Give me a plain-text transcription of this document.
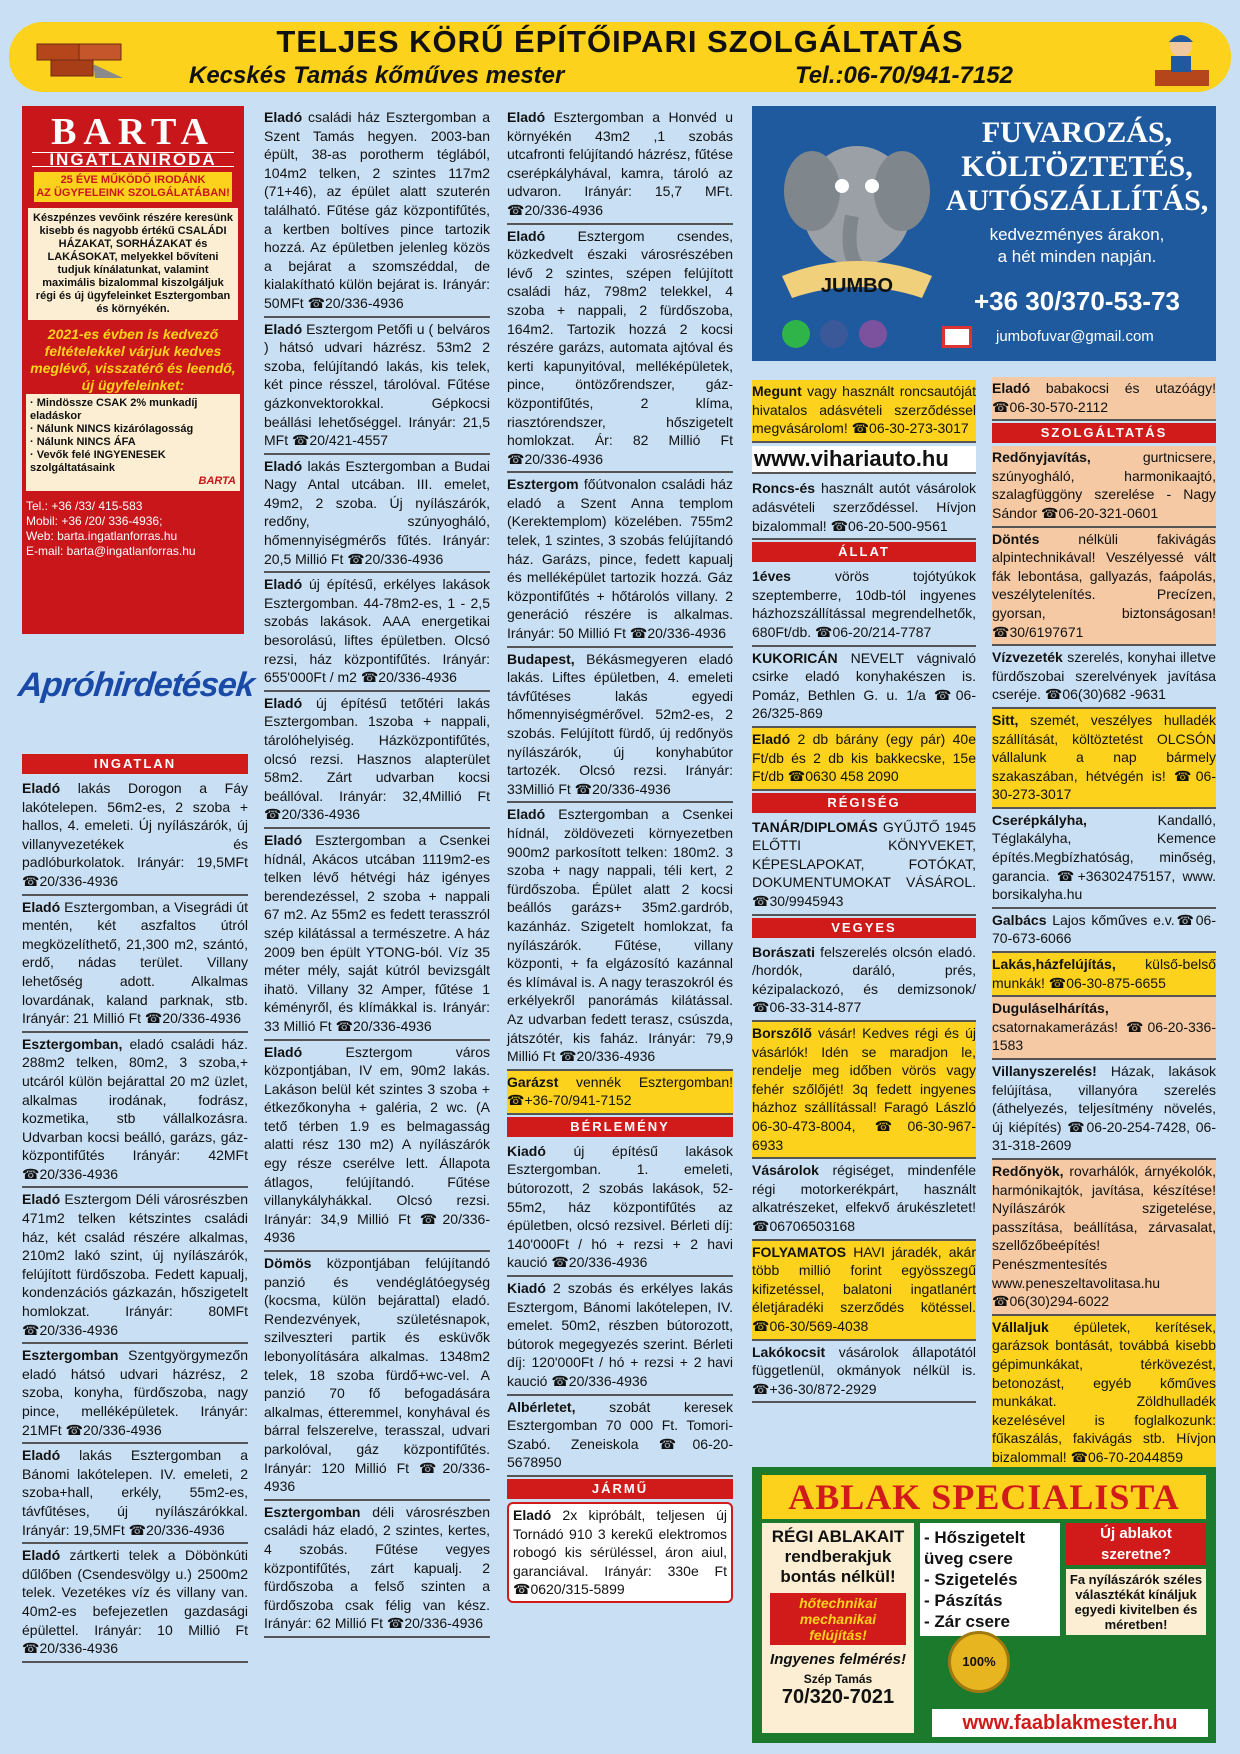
TELJES KÖRŰ ÉPÍTŐIPARI SZOLGÁLTATÁS
Kecskés Tamás kőműves mester	Tel.:06-70/941-7152
BARTA
INGATLANIRODA
25 ÉVE MŰKÖDŐ IRODÁNK
AZ ÜGYFELEINK SZOLGÁLATÁBAN!
Készpénzes vevőink részére keresünk kisebb és nagyobb értékű CSALÁDI HÁZAKAT, SORHÁZAKAT és LAKÁSOKAT, melyekkel bővíteni tudjuk kínálatunkat, valamint maximális bizalommal kiszolgáljuk régi és új ügyfeleinket Esztergomban és környékén.
2021-es évben is kedvező feltételekkel várjuk kedves meglévő, visszatérő és leendő, új ügyfeleinket:
· Mindössze CSAK 2% munkadíj eladáskor
· Nálunk NINCS kizárólagosság
· Nálunk NINCS ÁFA
· Vevők felé INGYENESEK szolgáltatásaink
BARTA
Tel.: +36 /33/ 415-583
Mobil: +36 /20/ 336-4936;
Web: barta.ingatlanforras.hu
E-mail: barta@ingatlanforras.hu
Apróhirdetések
INGATLAN
Eladó lakás Dorogon a Fáy lakótelepen. 56m2-es, 2 szoba + hallos, 4. emeleti. Új nyílászárók, új villanyvezetékek és padlóburkolatok. Irányár: 19,5MFt ☎20/336-4936
Eladó Esztergomban, a Visegrádi út mentén, két aszfaltos útról megközelíthető, 21,300 m2, szántó, erdő, nádas terület. Villany lehetőség adott. Alkalmas lovardának, kaland parknak, stb. Irányár: 21 Millió Ft ☎20/336-4936
Esztergomban, eladó családi ház. 288m2 telken, 80m2, 3 szoba,+ utcáról külön bejárattal 20 m2 üzlet, alkalmas irodának, fodrász, kozmetika, stb vállalkozásra. Udvarban kocsi beálló, garázs, gáz-központifűtés Irányár: 42MFt ☎20/336-4936
Eladó Esztergom Déli városrészben 471m2 telken kétszintes családi ház, két család részére alkalmas, 210m2 lakó szint, új nyílászárók, felújított fürdőszoba. Fedett kapualj, kondenzációs gázkazán, hőszigetelt homlokzat. Irányár: 80MFt ☎20/336-4936
Esztergomban Szentgyörgymezőn eladó hátsó udvari házrész, 2 szoba, konyha, fürdőszoba, nagy pince, melléképületek. Irányár: 21MFt ☎20/336-4936
Eladó lakás Esztergomban a Bánomi lakótelepen. IV. emeleti, 2 szoba+hall, erkély, 55m2-es, távfűtéses, új nyílászárókkal. Irányár: 19,5MFt ☎20/336-4936
Eladó zártkerti telek a Döbönkúti dűlőben (Csendesvölgy u.) 2500m2 telek. Vezetékes víz és villany van. 40m2-es befejezetlen gazdasági épülettel. Irányár: 10 Millió Ft ☎20/336-4936
Eladó családi ház Esztergomban a Szent Tamás hegyen. 2003-ban épült, 38-as porotherm téglából, 104m2 telken, 2 szintes 117m2 (71+46), az épület alatt szuterén található. Fűtése gáz központifűtés, a kertben boltíves pince tartozik hozzá. Az épületben jelenleg közös a bejárat a szomszéddal, de kialakítható külön bejárat is. Irányár: 50MFt ☎20/336-4936
Eladó Esztergom Petőfi u ( belváros ) hátsó udvari házrész. 53m2 2 szoba, felújítandó lakás, kis telek, két pince résszel, tárolóval. Fűtése gázkonvektorokkal. Gépkocsi beállási lehetőséggel. Irányár: 21,5 MFt ☎20/421-4557
Eladó lakás Esztergomban a Budai Nagy Antal utcában. III. emelet, 49m2, 2 szoba. Új nyílászárók, redőny, szúnyogháló, hőmennyiségmérős fűtés. Irányár: 20,5 Millió Ft ☎20/336-4936
Eladó új építésű, erkélyes lakások Esztergomban. 44-78m2-es, 1 - 2,5 szobás lakások. AAA energetikai besorolású, liftes épületben. Olcsó rezsi, ház központifűtés. Irányár: 655'000Ft / m2 ☎20/336-4936
Eladó új építésű tetőtéri lakás Esztergomban. 1szoba + nappali, tárolóhelyiség. Házközpontifűtés, olcsó rezsi. Hasznos alapterület 58m2. Zárt udvarban kocsi beállóval. Irányár: 32,4Millió Ft ☎20/336-4936
Eladó Esztergomban a Csenkei hídnál, Akácos utcában 1119m2-es telken lévő hétvégi ház igényes berendezéssel, 2 szoba + nappali 67 m2. Az 55m2 es fedett terasszról szép kilátással a természetre. A ház 2009 ben épült YTONG-ból. Víz 35 méter mély, saját kútról bevizsgált ihatö. Villany 32 Amper, fűtése 1 kéményről, és klímákkal is. Irányár: 33 Millió Ft ☎20/336-4936
Eladó Esztergom város központjában, IV em, 90m2 lakás. Lakáson belül két szintes 3 szoba + étkezőkonyha + galéria, 2 wc. (A tető térben 1.9 es belmagasság alatti rész 130 m2) A nyílászárók egy része cserélve lett. Állapota átlagos, felújítandó. Fűtése villanykályhákkal. Olcsó rezsi. Irányár: 34,9 Millió Ft ☎20/336-4936
Dömös központjában felújítandó panzió és vendéglátóegység (kocsma, külön bejárattal) eladó. Rendezvények, születésnapok, szilveszteri partik és esküvők lebonyolítására alkalmas. 1348m2 telek, 18 szoba fürdő+wc-vel. A panzió 70 fő befogadására alkalmas, étteremmel, konyhával és bárral felszerelve, terasszal, udvari parkolóval, gáz központifűtés. Irányár: 120 Millió Ft ☎20/336-4936
Esztergomban déli városrészben családi ház eladó, 2 szintes, kertes, 4 szobás. Fűtése vegyes központifűtés, zárt kapualj. 2 fürdőszoba a felső szinten a fürdőszoba csak félig van kész. Irányár: 62 Millió Ft ☎20/336-4936
Eladó Esztergomban a Honvéd u környékén 43m2 ,1 szobás utcafronti felújítandó házrész, fűtése cserépkályhával, kamra, tároló az udvaron. Irányár: 15,7 MFt. ☎20/336-4936
Eladó Esztergom csendes, közkedvelt északi városrészében lévő 2 szintes, szépen felújított családi ház, 798m2 telekkel, 4 szoba + nappali, 2 fürdőszoba, 164m2. Tartozik hozzá 2 kocsi részére garázs, automata ajtóval és kerti kapunyitóval, melléképületek, pince, öntözőrendszer, gáz-központifűtés, 2 klíma, riasztórendszer, hőszigetelt homlokzat. Ár: 82 Millió Ft ☎20/336-4936
Esztergom főútvonalon családi ház eladó a Szent Anna templom (Kerektemplom) közelében. 755m2 telek, 1 szintes, 3 szobás felújítandó ház. Garázs, pince, fedett kapualj és melléképület tartozik hozzá. Gáz központifűtés + hőtárolós villany. 2 generáció részére is alkalmas. Irányár: 50 Millió Ft ☎20/336-4936
Budapest, Békásmegyeren eladó lakás. Liftes épületben, 4. emeleti távfűtéses lakás egyedi hőmennyiségmérővel. 52m2-es, 2 szobás. Felújított fürdő, új redőnyös nyílászárók, új konyhabútor tartozék. Olcsó rezsi. Irányár: 33Millió Ft ☎20/336-4936
Eladó Esztergomban a Csenkei hídnál, zöldövezeti környezetben 900m2 parkosított telken: 180m2. 3 szoba + nagy nappali, téli kert, 2 fürdőszoba. Épület alatt 2 kocsi beállós garázs+ 35m2.gardrób, kazánház. Szigetelt homlokzat, fa nyílászárók. Fűtése, villany központi, + fa elgázosító kazánnal és klímával is. A nagy teraszokról és erkélyekről panorámás kilátással. Az udvarban fedett terasz, csúszda, játszótér, kis faház. Irányár: 79,9 Millió Ft ☎20/336-4936
Garázst vennék Esztergomban! ☎+36-70/941-7152
BÉRLEMÉNY
Kiadó új építésű lakások Esztergomban. 1. emeleti, bútorozott, 2 szobás lakások, 52-55m2, ház központifűtés az épületben, olcsó rezsivel. Bérleti díj: 140'000Ft / hó + rezsi + 2 havi kaució ☎20/336-4936
Kiadó 2 szobás és erkélyes lakás Esztergom, Bánomi lakótelepen, IV. emelet. 50m2, részben bútorozott, bútorok megegyezés szerint. Bérleti díj: 120'000Ft / hó + rezsi + 2 havi kaució ☎20/336-4936
Albérletet, szobát keresek Esztergomban 70 000 Ft. Tomori-Szabó. Zeneiskola ☎06-20-5678950
JÁRMŰ
Eladó 2x kipróbált, teljesen új Tornádó 910 3 kerekű elektromos robogó kis sérüléssel, áron aiul, garanciával. Irányár: 330e Ft ☎0620/315-5899
JUMBO
FUVAROZÁS,
KÖLTÖZTETÉS,
AUTÓSZÁLLÍTÁS,
kedvezményes árakon,
a hét minden napján.
+36 30/370-53-73

jumbofuvar@gmail.com
Megunt vagy használt roncsautóját hivatalos adásvételi szerződéssel megvásárolom! ☎06-30-273-3017
www.vihariauto.hu
Roncs-és használt autót vásárolok adásvételi szerződéssel. Hívjon bizalommal! ☎06-20-500-9561
ÁLLAT
1éves vörös tojótyúkok szeptemberre, 10db-tól ingyenes házhozszállítással megrendelhetők, 680Ft/db. ☎06-20/214-7787
KUKORICÁN NEVELT vágnivaló csirke eladó konyhakészen is. Pomáz, Bethlen G. u. 1/a ☎06-26/325-869
Eladó 2 db bárány (egy pár) 40e Ft/db és 2 db kis bakkecske, 15e Ft/db ☎0630 458 2090
RÉGISÉG
TANÁR/DIPLOMÁS GYŰJTŐ 1945 ELŐTTI KÖNYVEKET, KÉPESLAPOKAT, FOTÓKAT, DOKUMENTUMOKAT VÁSÁROL. ☎30/9945943
VEGYES
Borászati felszerelés olcsón eladó. /hordók, daráló, prés, kézipalackozó, és demizsonok/ ☎06-33-314-877
Borszőlő vásár! Kedves régi és új vásárlók! Idén se maradjon le, rendelje meg időben vörös vagy fehér szőlőjét! 3q fedett ingyenes házhoz szállítással! Faragó László 06-30-473-8004, ☎06-30-967-6933
Vásárolok régiséget, mindenféle régi motorkerékpárt, használt alkatrészeket, elfekvő árukészletet! ☎06706503168
FOLYAMATOS HAVI járadék, akár több millió forint egyösszegű kifizetéssel, balatoni ingatlanért életjáradéki szerződés kötéssel. ☎06-30/569-4038
Lakókocsit vásárolok állapotától függetlenül, okmányok nélkül is. ☎+36-30/872-2929
Eladó babakocsi és utazóágy! ☎06-30-570-2112
SZOLGÁLTATÁS
Redőnyjavítás, gurtnicsere, szúnyogháló, harmonikaajtó, szalagfüggöny szerelése - Nagy Sándor ☎06-20-321-0601
Döntés nélküli fakivágás alpintechnikával! Veszélyessé vált fák lebontása, gallyazás, faápolás, veszélytelenítés. Precízen, gyorsan, biztonságosan! ☎30/6197671
Vízvezeték szerelés, konyhai illetve fürdőszobai szerelvények javítása cseréje. ☎06(30)682 -9631
Sitt, szemét, veszélyes hulladék szállítását, költöztetést OLCSÓN vállalunk a nap bármely szakaszában, hétvégén is! ☎06-30-273-3017
Cserépkályha, Kandalló, Téglakályha, Kemence építés.Megbízhatóság, minőség, garancia. ☎+36302475157, www. borsikalyha.hu
Galbács Lajos kőműves e.v.☎06-70-673-6066
Lakás,házfelújítás, külső-belső munkák! ☎06-30-875-6655
Duguláselhárítás, csatornakamerázás! ☎06-20-336-1583
Villanyszerelés! Házak, lakások felújítása, villanyóra szerelés (áthelyezés, teljesítmény növelés, új kiépítés) ☎06-20-254-7428, 06-31-318-2609
Redőnyök, rovarhálók, árnyékolók, harmónikajtók, javítása, készítése! Nyílászárók szigetelése, passzítása, beállítása, zárvasalat, szellőzőbeépítés! Penészmentesítés www.peneszeltavolitasa.hu ☎06(30)294-6022
Vállaljuk épületek, kerítések, garázsok bontását, továbbá kisebb gépimunkákat, térkövezést, betonozást, egyéb kőműves munkákat. Zöldhulladék kezelésével is foglalkozunk: fűkaszálás, fakivágás stb. Hívjon bizalommal! ☎06-70-2044859
ABLAK SPECIALISTA
RÉGI ABLAKAIT
rendberakjuk
bontás nélkül!
hőtechnikai mechanikai felújítás!
Ingyenes felmérés!
Szép Tamás
70/320-7021
- Hőszigetelt
üveg csere
- Szigetelés
- Pászítás
- Zár csere
Új ablakot
szeretne?
Fa nyílászárók széles választékát kínáljuk egyedi kivitelben és méretben!
100%
www.faablakmester.hu
